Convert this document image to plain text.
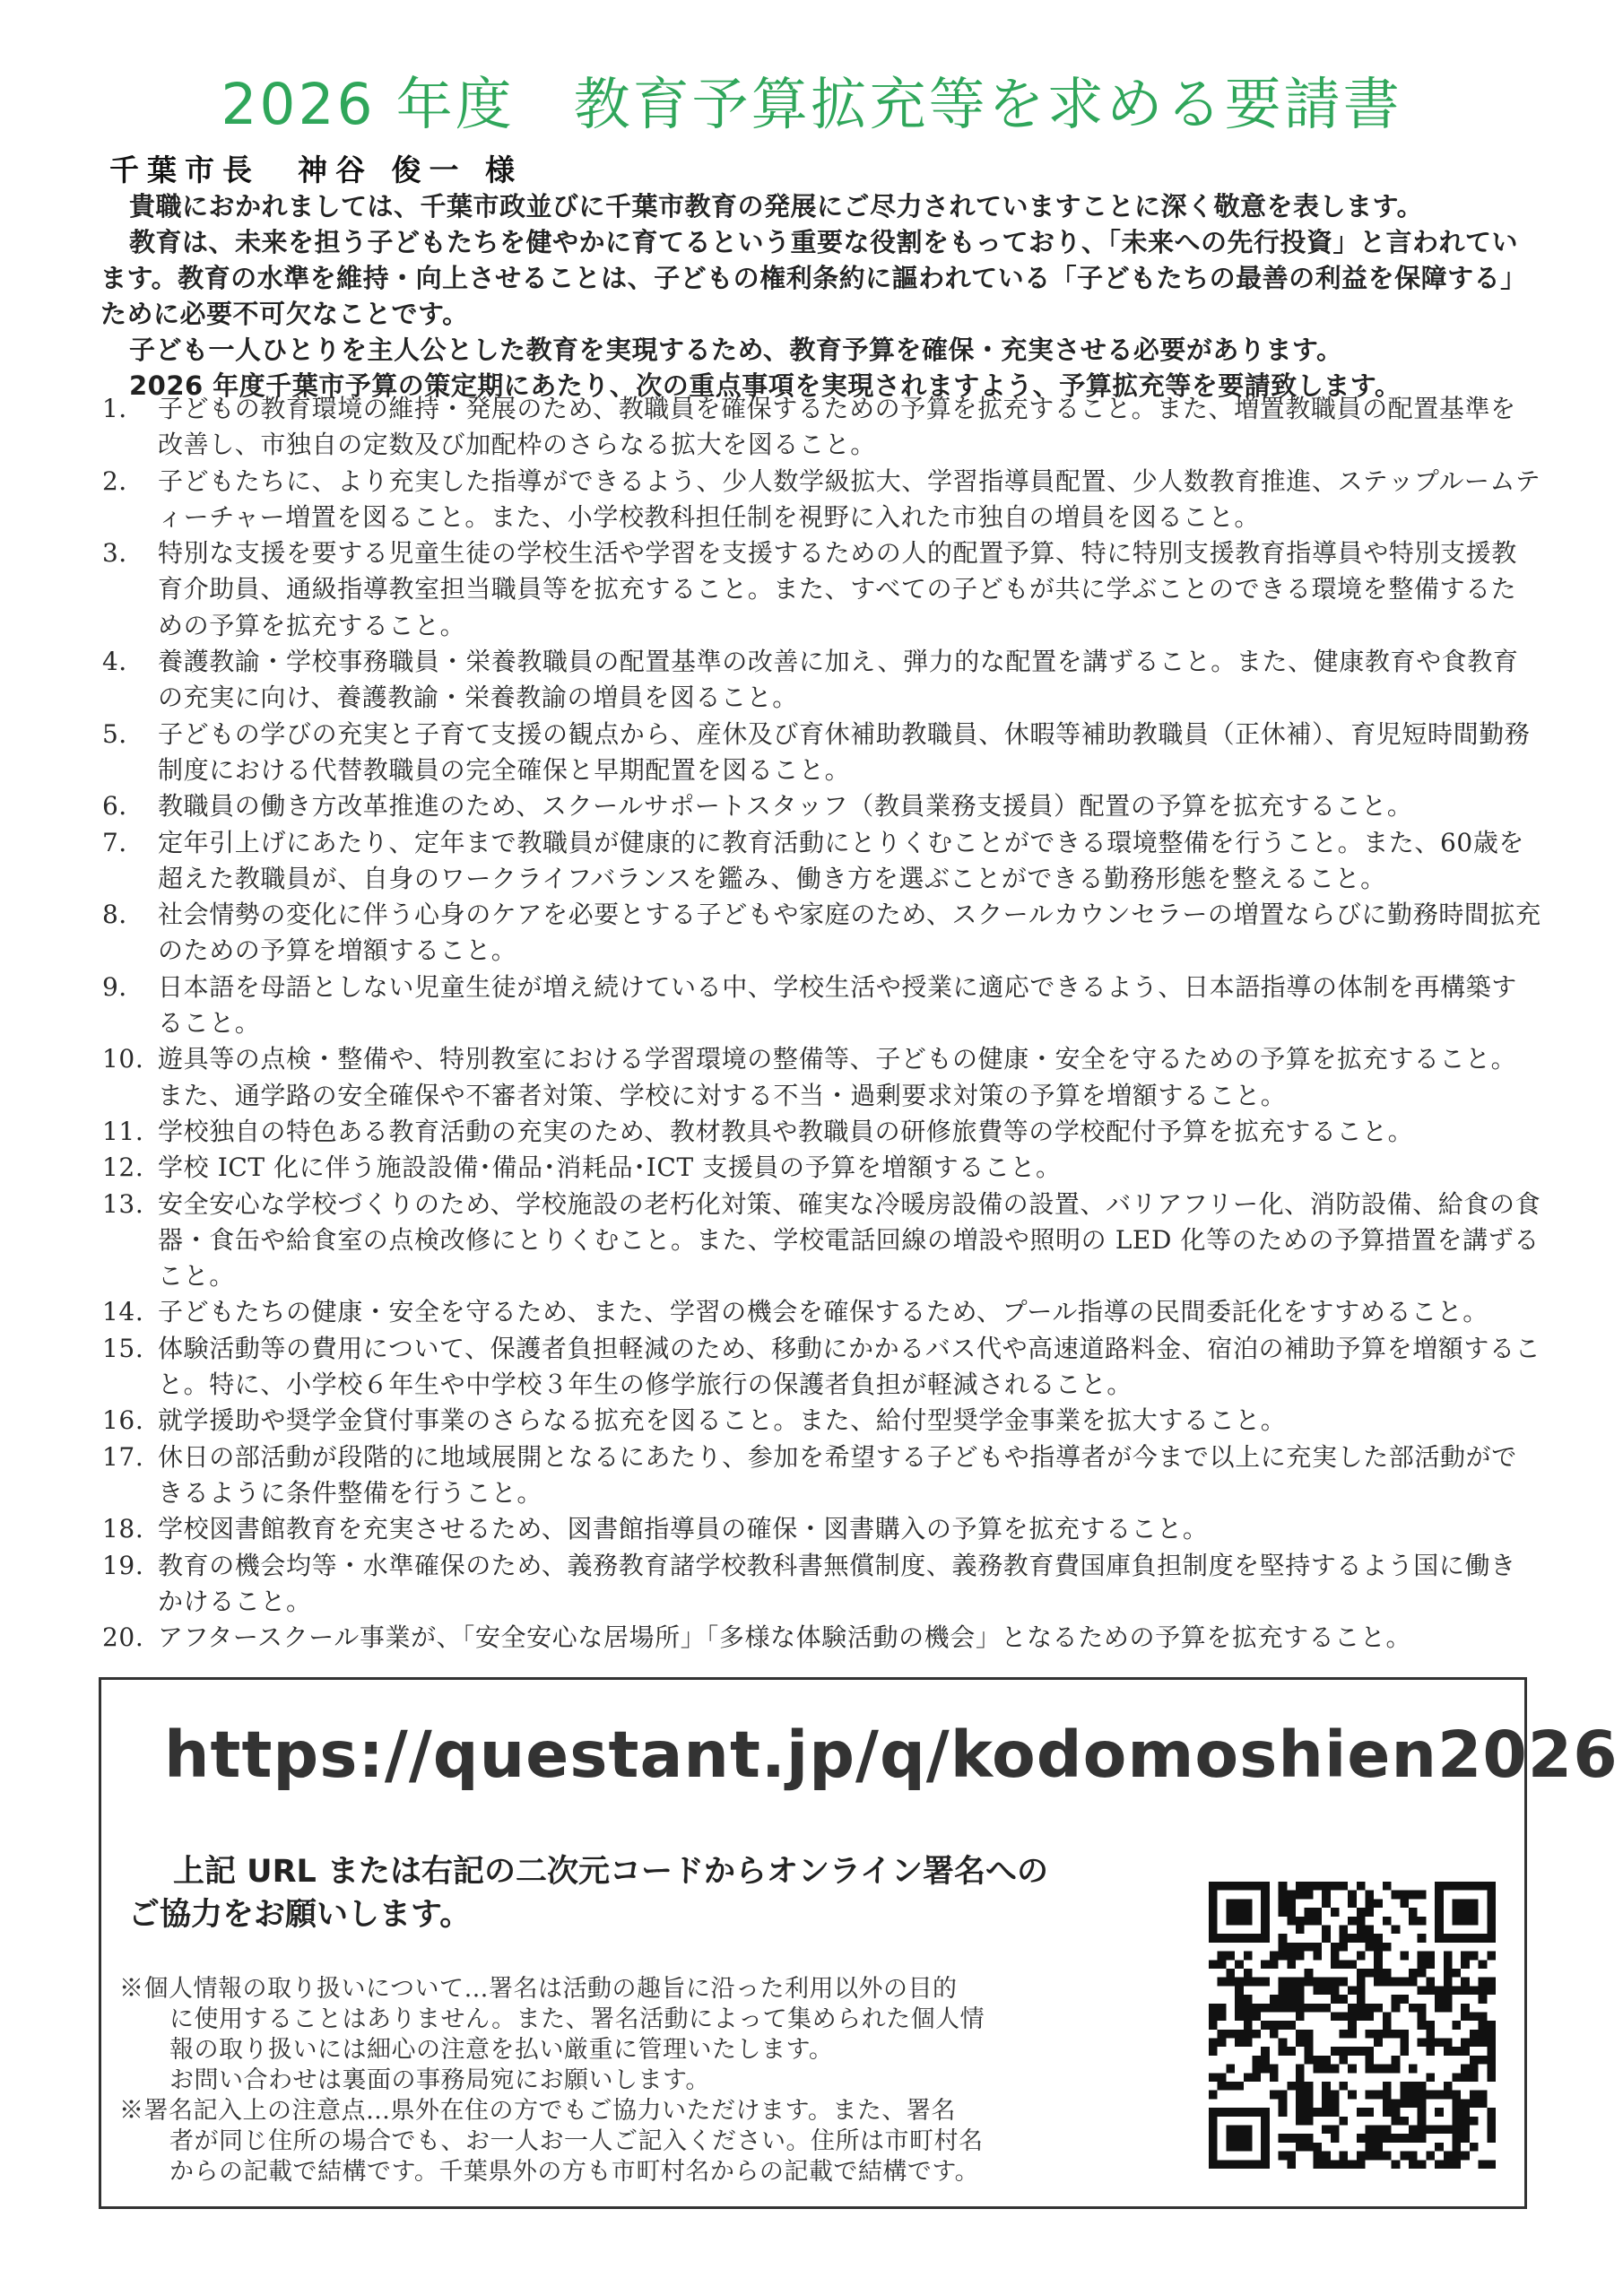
2026 年度　教育予算拡充等を求める要請書
千葉市長　神谷 俊一 様

貴職におかれましては、千葉市政並びに千葉市教育の発展にご尽力されていますことに深く敬意を表します。

教育は、未来を担う子どもたちを健やかに育てるという重要な役割をもっており、「未来への先行投資」と言われています。教育の水準を維持・向上させることは、子どもの権利条約に謳われている「子どもたちの最善の利益を保障する」ために必要不可欠なことです。

子ども一人ひとりを主人公とした教育を実現するため、教育予算を確保・充実させる必要があります。

2026 年度千葉市予算の策定期にあたり、次の重点事項を実現されますよう、予算拡充等を要請致します。

1． 子どもの教育環境の維持・発展のため、教職員を確保するための予算を拡充すること。また、増置教職員の配置基準を改善し、市独自の定数及び加配枠のさらなる拡大を図ること。
2． 子どもたちに、より充実した指導ができるよう、少人数学級拡大、学習指導員配置、少人数教育推進、ステップルームティーチャー増置を図ること。また、小学校教科担任制を視野に入れた市独自の増員を図ること。
3． 特別な支援を要する児童生徒の学校生活や学習を支援するための人的配置予算、特に特別支援教育指導員や特別支援教育介助員、通級指導教室担当職員等を拡充すること。また、すべての子どもが共に学ぶことのできる環境を整備するための予算を拡充すること。
4． 養護教諭・学校事務職員・栄養教職員の配置基準の改善に加え、弾力的な配置を講ずること。また、健康教育や食教育の充実に向け、養護教諭・栄養教諭の増員を図ること。
5． 子どもの学びの充実と子育て支援の観点から、産休及び育休補助教職員、休暇等補助教職員（正休補）、育児短時間勤務制度における代替教職員の完全確保と早期配置を図ること。
6． 教職員の働き方改革推進のため、スクールサポートスタッフ（教員業務支援員）配置の予算を拡充すること。
7． 定年引上げにあたり、定年まで教職員が健康的に教育活動にとりくむことができる環境整備を行うこと。また、60歳を超えた教職員が、自身のワークライフバランスを鑑み、働き方を選ぶことができる勤務形態を整えること。
8． 社会情勢の変化に伴う心身のケアを必要とする子どもや家庭のため、スクールカウンセラーの増置ならびに勤務時間拡充のための予算を増額すること。
9． 日本語を母語としない児童生徒が増え続けている中、学校生活や授業に適応できるよう、日本語指導の体制を再構築すること。
10. 遊具等の点検・整備や、特別教室における学習環境の整備等、子どもの健康・安全を守るための予算を拡充すること。また、通学路の安全確保や不審者対策、学校に対する不当・過剰要求対策の予算を増額すること。
11. 学校独自の特色ある教育活動の充実のため、教材教具や教職員の研修旅費等の学校配付予算を拡充すること。
12. 学校 ICT 化に伴う施設設備･備品･消耗品･ICT 支援員の予算を増額すること。
13. 安全安心な学校づくりのため、学校施設の老朽化対策、確実な冷暖房設備の設置、バリアフリー化、消防設備、給食の食器・食缶や給食室の点検改修にとりくむこと。また、学校電話回線の増設や照明の LED 化等のための予算措置を講ずること。
14. 子どもたちの健康・安全を守るため、また、学習の機会を確保するため、プール指導の民間委託化をすすめること。
15. 体験活動等の費用について、保護者負担軽減のため、移動にかかるバス代や高速道路料金、宿泊の補助予算を増額すること。特に、小学校６年生や中学校３年生の修学旅行の保護者負担が軽減されること。
16. 就学援助や奨学金貸付事業のさらなる拡充を図ること。また、給付型奨学金事業を拡大すること。
17. 休日の部活動が段階的に地域展開となるにあたり、参加を希望する子どもや指導者が今まで以上に充実した部活動ができるように条件整備を行うこと。
18. 学校図書館教育を充実させるため、図書館指導員の確保・図書購入の予算を拡充すること。
19. 教育の機会均等・水準確保のため、義務教育諸学校教科書無償制度、義務教育費国庫負担制度を堅持するよう国に働きかけること。
20. アフタースクール事業が、「安全安心な居場所」「多様な体験活動の機会」となるための予算を拡充すること。
https://questant.jp/q/kodomoshien2026
上記 URL または右記の二次元コードからオンライン署名への
ご協力をお願いします。
※個人情報の取り扱いについて…署名は活動の趣旨に沿った利用以外の目的
に使用することはありません。また、署名活動によって集められた個人情
報の取り扱いには細心の注意を払い厳重に管理いたします。
お問い合わせは裏面の事務局宛にお願いします。
※署名記入上の注意点…県外在住の方でもご協力いただけます。また、署名
者が同じ住所の場合でも、お一人お一人ご記入ください。住所は市町村名
からの記載で結構です。千葉県外の方も市町村名からの記載で結構です。
